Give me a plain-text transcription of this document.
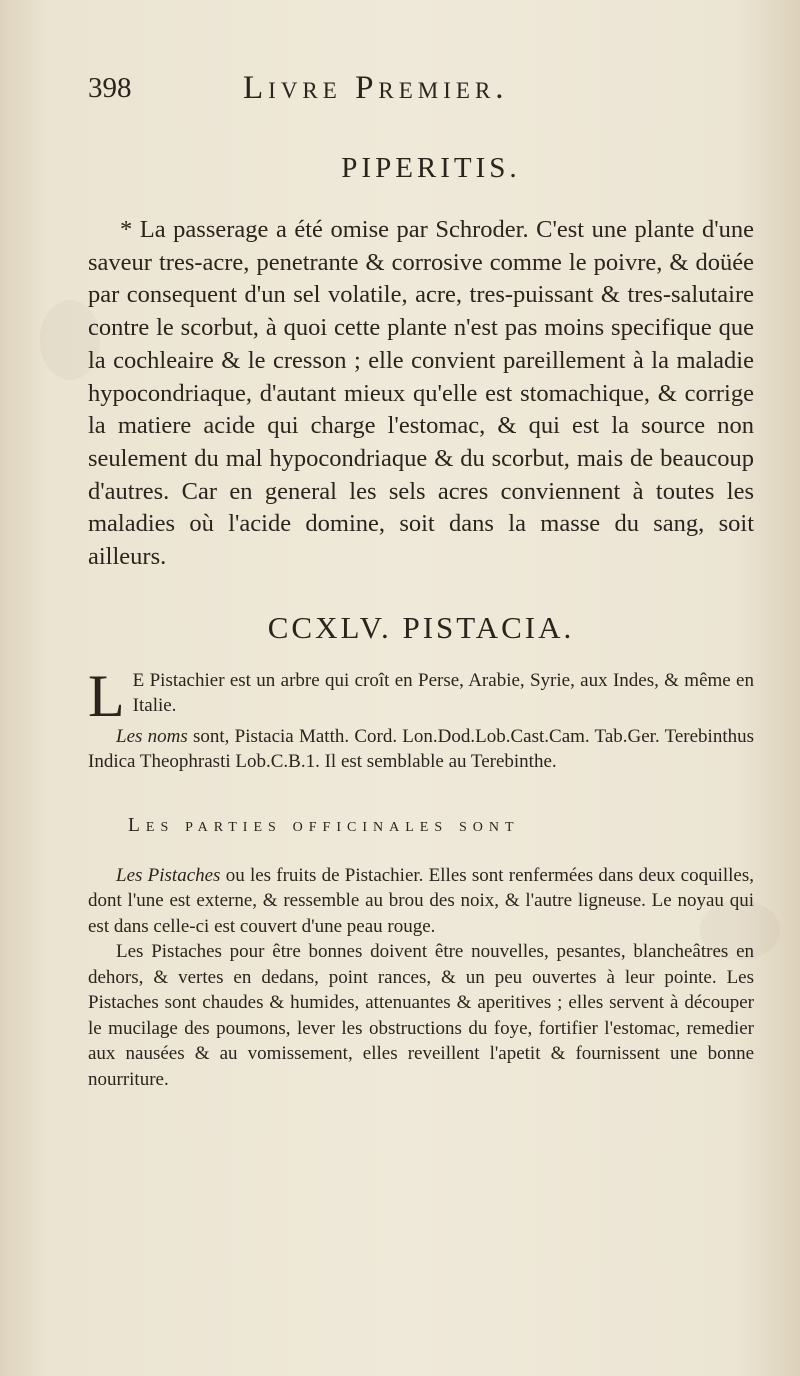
398	Livre Premier.
PIPERITIS.

* La passerage a été omise par Schroder. C'est une plante d'une saveur tres-acre, penetrante & corrosive comme le poivre, & doüée par consequent d'un sel volatile, acre, tres-puissant & tres-salutaire contre le scorbut, à quoi cette plante n'est pas moins specifique que la cochleaire & le cresson ; elle convient pareillement à la maladie hypocondriaque, d'autant mieux qu'elle est stomachique, & corrige la matiere acide qui charge l'estomac, & qui est la source non seulement du mal hypocondriaque & du scorbut, mais de beaucoup d'autres. Car en general les sels acres conviennent à toutes les maladies où l'acide domine, soit dans la masse du sang, soit ailleurs.

CCXLV. PISTACIA.
L E Pistachier est un arbre qui croît en Perse, Arabie, Syrie, aux Indes, & même en Italie.

Les noms sont, Pistacia Matth. Cord. Lon.Dod.Lob.Cast.Cam. Tab.Ger. Terebinthus Indica Theophrasti Lob.C.B.1. Il est semblable au Terebinthe.

Les parties officinales sont

Les Pistaches ou les fruits de Pistachier. Elles sont renfermées dans deux coquilles, dont l'une est externe, & ressemble au brou des noix, & l'autre ligneuse. Le noyau qui est dans celle-ci est couvert d'une peau rouge.

Les Pistaches pour être bonnes doivent être nouvelles, pesantes, blancheâtres en dehors, & vertes en dedans, point rances, & un peu ouvertes à leur pointe. Les Pistaches sont chaudes & humides, attenuantes & aperitives ; elles servent à découper le mucilage des poumons, lever les obstructions du foye, fortifier l'estomac, remedier aux nausées & au vomissement, elles reveillent l'apetit & fournissent une bonne nourriture.
